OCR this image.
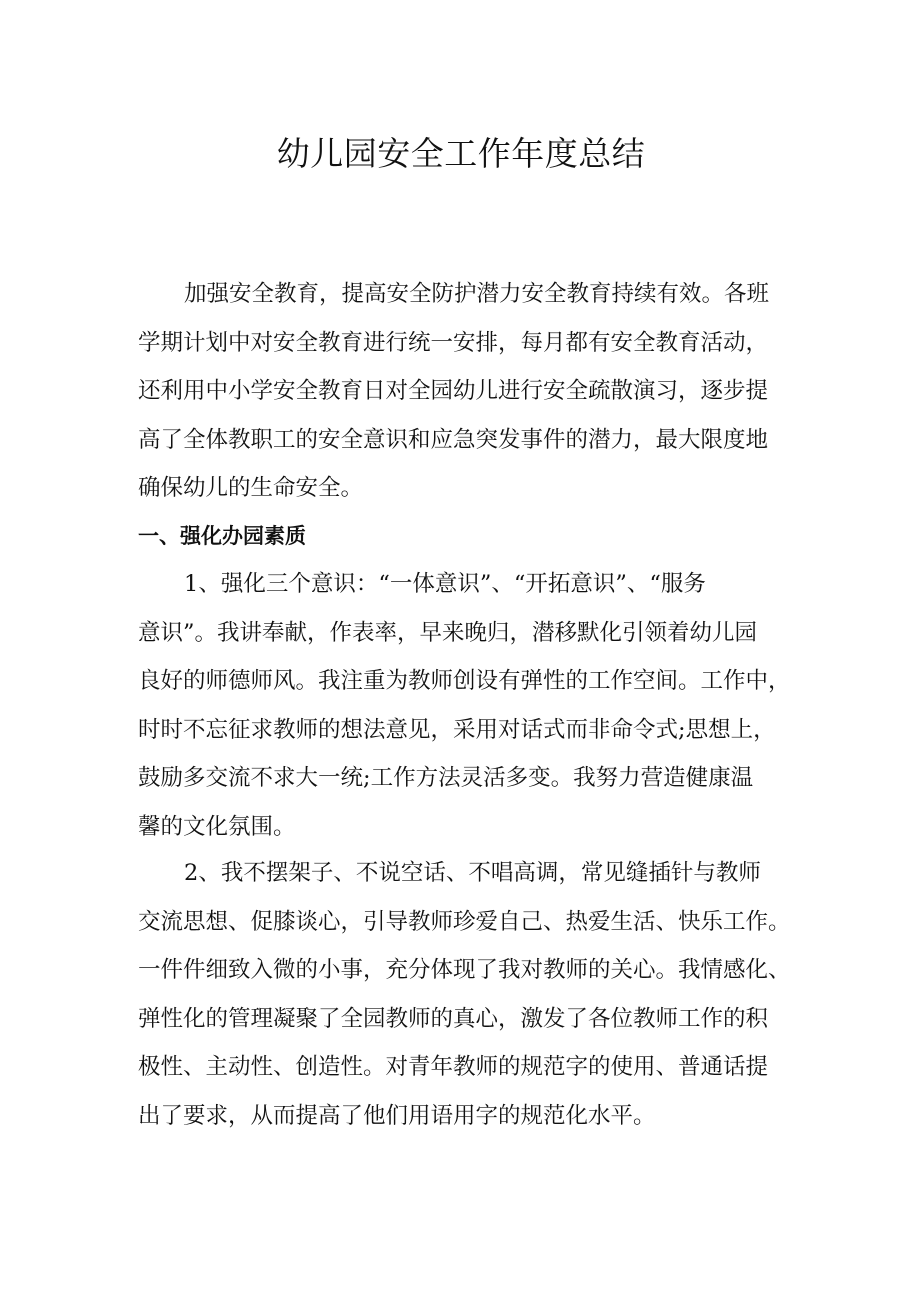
幼儿园安全工作年度总结
加强安全教育，提高安全防护潜力安全教育持续有效。各班
学期计划中对安全教育进行统一安排，每月都有安全教育活动，
还利用中小学安全教育日对全园幼儿进行安全疏散演习，逐步提
高了全体教职工的安全意识和应急突发事件的潜力，最大限度地
确保幼儿的生命安全。
一、强化办园素质
1、强化三个意识：“一体意识”、“开拓意识”、“服务
意识”。我讲奉献，作表率，早来晚归，潜移默化引领着幼儿园
良好的师德师风。我注重为教师创设有弹性的工作空间。工作中，
时时不忘征求教师的想法意见，采用对话式而非命令式;思想上，
鼓励多交流不求大一统;工作方法灵活多变。我努力营造健康温
馨的文化氛围。
2、我不摆架子、不说空话、不唱高调，常见缝插针与教师
交流思想、促膝谈心，引导教师珍爱自己、热爱生活、快乐工作。
一件件细致入微的小事，充分体现了我对教师的关心。我情感化、
弹性化的管理凝聚了全园教师的真心，激发了各位教师工作的积
极性、主动性、创造性。对青年教师的规范字的使用、普通话提
出了要求，从而提高了他们用语用字的规范化水平。
